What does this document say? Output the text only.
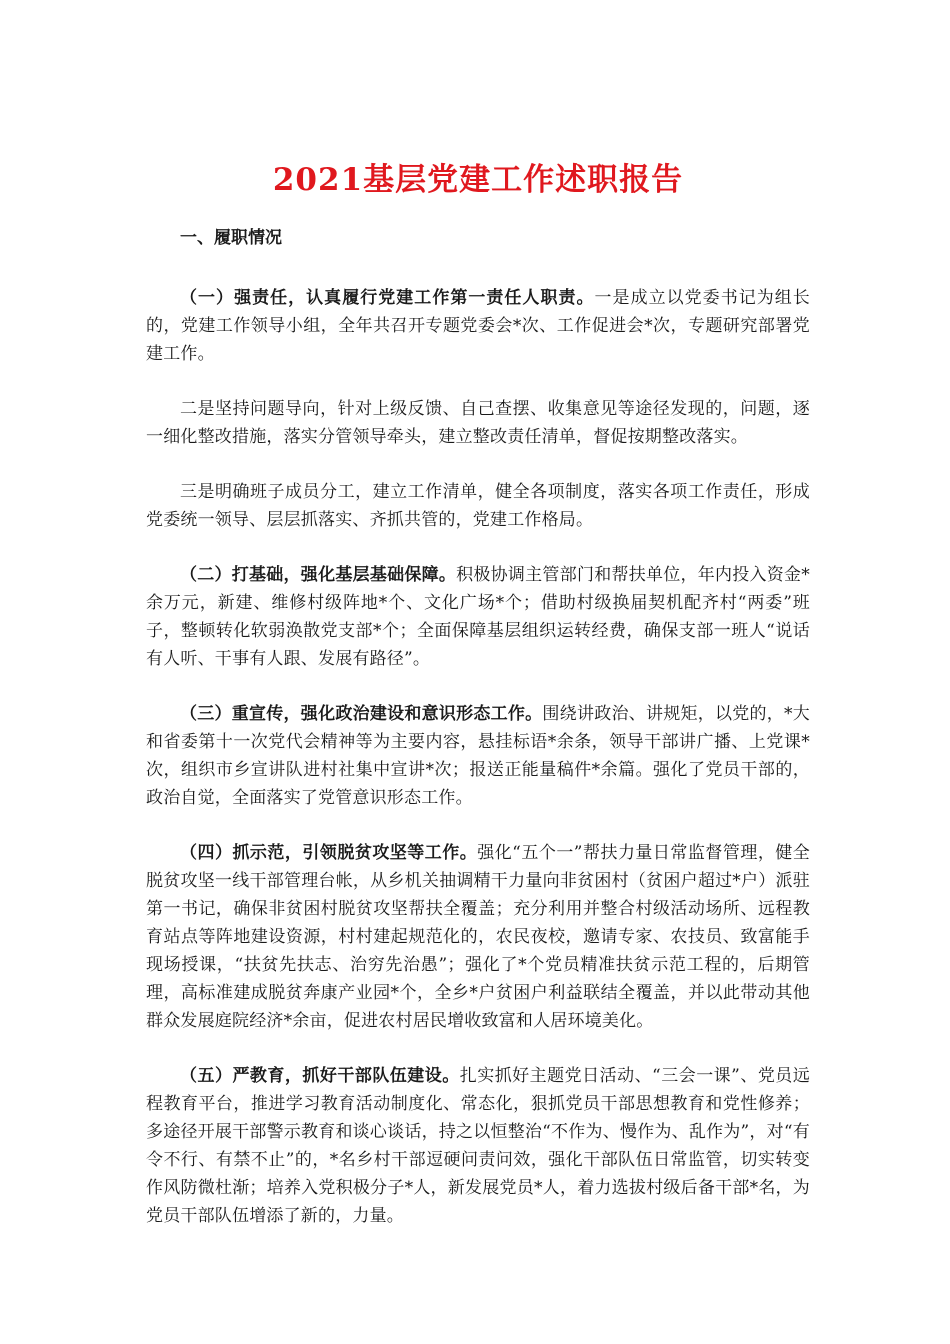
2021基层党建工作述职报告
一、履职情况

（一）强责任，认真履行党建工作第一责任人职责。一是成立以党委书记为组长的，党建工作领导小组，全年共召开专题党委会*次、工作促进会*次，专题研究部署党建工作。

二是坚持问题导向，针对上级反馈、自己查摆、收集意见等途径发现的，问题，逐一细化整改措施，落实分管领导牵头，建立整改责任清单，督促按期整改落实。

三是明确班子成员分工，建立工作清单，健全各项制度，落实各项工作责任，形成党委统一领导、层层抓落实、齐抓共管的，党建工作格局。

（二）打基础，强化基层基础保障。积极协调主管部门和帮扶单位，年内投入资金*余万元，新建、维修村级阵地*个、文化广场*个；借助村级换届契机配齐村“两委”班子，整顿转化软弱涣散党支部*个；全面保障基层组织运转经费，确保支部一班人“说话有人听、干事有人跟、发展有路径”。

（三）重宣传，强化政治建设和意识形态工作。围绕讲政治、讲规矩，以党的，*大和省委第十一次党代会精神等为主要内容，悬挂标语*余条，领导干部讲广播、上党课*次，组织市乡宣讲队进村社集中宣讲*次；报送正能量稿件*余篇。强化了党员干部的，政治自觉，全面落实了党管意识形态工作。

（四）抓示范，引领脱贫攻坚等工作。强化“五个一”帮扶力量日常监督管理，健全脱贫攻坚一线干部管理台帐，从乡机关抽调精干力量向非贫困村（贫困户超过*户）派驻第一书记，确保非贫困村脱贫攻坚帮扶全覆盖；充分利用并整合村级活动场所、远程教育站点等阵地建设资源，村村建起规范化的，农民夜校，邀请专家、农技员、致富能手现场授课，“扶贫先扶志、治穷先治愚”；强化了*个党员精准扶贫示范工程的，后期管理，高标准建成脱贫奔康产业园*个，全乡*户贫困户利益联结全覆盖，并以此带动其他群众发展庭院经济*余亩，促进农村居民增收致富和人居环境美化。

（五）严教育，抓好干部队伍建设。扎实抓好主题党日活动、“三会一课”、党员远程教育平台，推进学习教育活动制度化、常态化，狠抓党员干部思想教育和党性修养；多途径开展干部警示教育和谈心谈话，持之以恒整治“不作为、慢作为、乱作为”，对“有令不行、有禁不止”的，*名乡村干部逗硬问责问效，强化干部队伍日常监管，切实转变作风防微杜渐；培养入党积极分子*人，新发展党员*人，着力选拔村级后备干部*名，为党员干部队伍增添了新的，力量。
